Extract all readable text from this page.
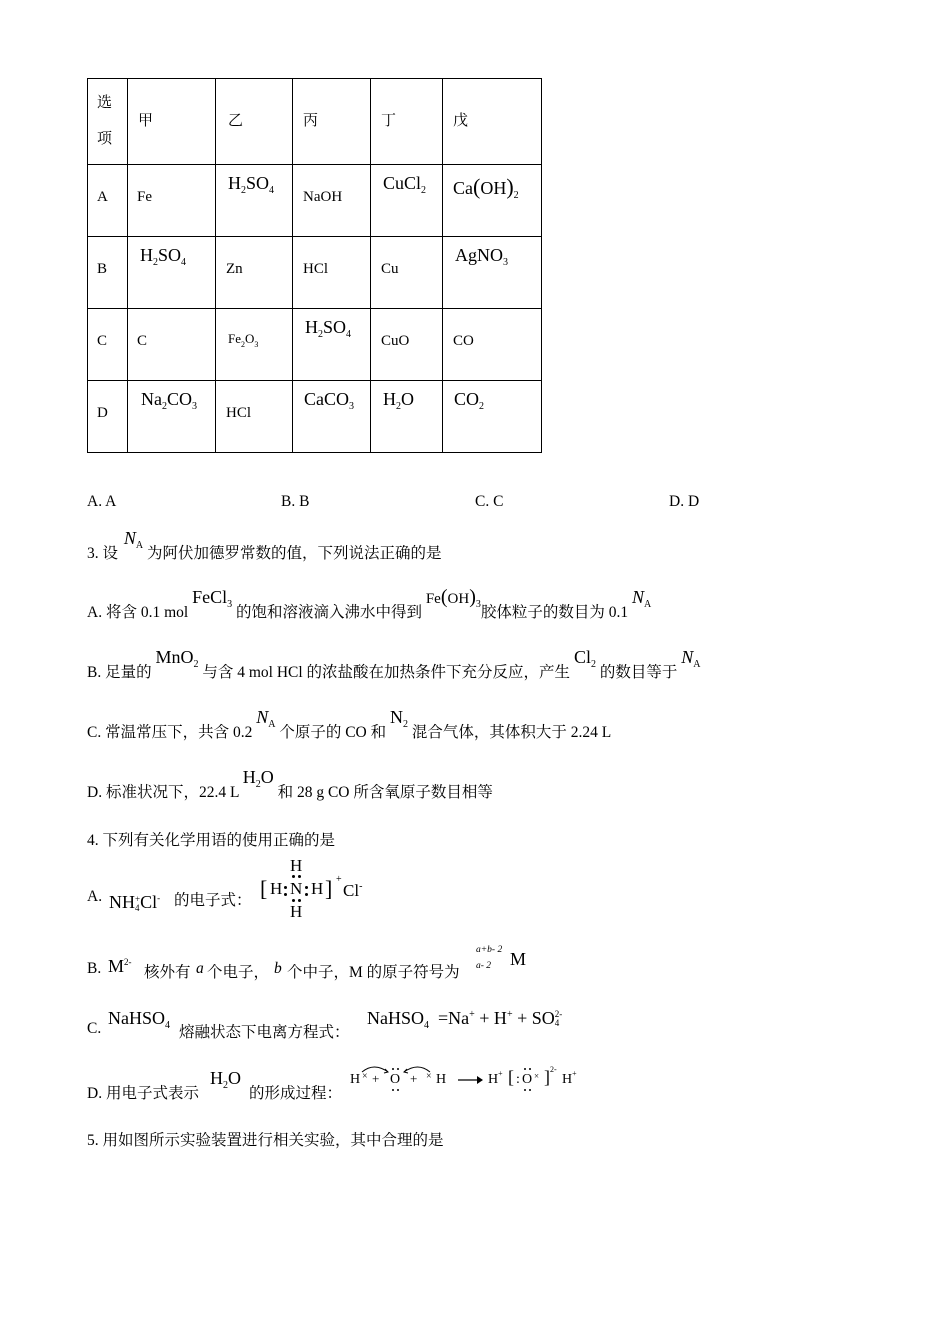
选
项	甲	乙	丙	丁	戊

A	Fe	$H_2SO_4$	NaOH	CuCl$_2$	$Ca(OH)_2$

B	$H_2SO_4$	Zn	HCl	Cu	AgNO$_3$

C	C	$Fe_2O_3$	$H_2SO_4$	CuO	CO

D	$Na_2CO_3$	HCl	CaCO$_3$	$H_2O$	$CO_2$
A. A	B. B	C. C	D. D
3. 设 $N_A$ 为阿伏加德罗常数的值，下列说法正确的是
A. 将含 0.1 mol FeCl$_3$ 的饱和溶液滴入沸水中得到 $Fe(OH)_3$胶体粒子的数目为 0.1 $N_A$
B. 足量的 MnO$_2$ 与含 4 mol HCl 的浓盐酸在加热条件下充分反应，产生 $Cl_2$ 的数目等于 $N_A$
C. 常温常压下，共含 0.2 $N_A$ 个原子的 CO 和 $N_2$ 混合气体，其体积大于 2.24 L
D. 标准状况下，22.4 L $H_2O$ 和 28 g CO 所含氧原子数目相等
4. 下列有关化学用语的使用正确的是
A. NH +
4 Cl- 的电子式： [ H N H
H
H
] +
Cl-
B. $M^{2-}$
核外有 a 个电子， b 个中子，M 的原子符号为
a+b- 2
a- 2 M
C.
NaHSO$_4$ 熔融状态下电离方程式：
NaHSO$_4$  =Na+ + H+ + SO 2-
4
D. 用电子式表示
$H_2O$
的形成过程：
H × + O + × H	H+ [ : O × ] 2-
H+
5. 用如图所示实验装置进行相关实验，其中合理的是
